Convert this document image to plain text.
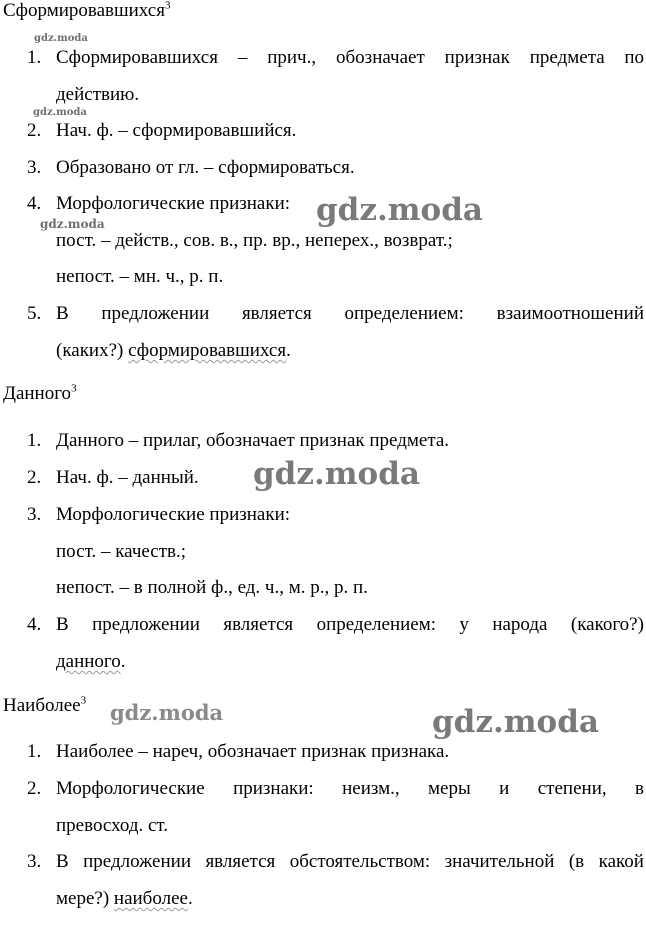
Сформировавшихся$^3$
1. Сформировавшихся – прич., обозначает признак предмета по
действию.
2. Нач. ф. – сформировавшийся.
3. Образовано от гл. – сформироваться.
4. Морфологические признаки:
пост. – действ., сов. в., пр. вр., неперех., возврат.;
непост. – мн. ч., р. п.
5. В предложении является определением: взаимоотношений
(каких?) сформировавшихся.
Данного$^3$
1. Данного – прилаг, обозначает признак предмета.
2. Нач. ф. – данный.
3. Морфологические признаки:
пост. – качеств.;
непост. – в полной ф., ед. ч., м. р., р. п.
4. В предложении является определением: у народа (какого?)
данного.
Наиболее$^3$
1. Наиболее – нареч, обозначает признак признака.
2. Морфологические признаки: неизм., меры и степени, в
превосход. ст.
3. В предложении является обстоятельством: значительной (в какой
мере?) наиболее.
gdz.moda
gdz.moda
gdz.moda
gdz.moda
gdz.moda
gdz.moda
gdz.moda
